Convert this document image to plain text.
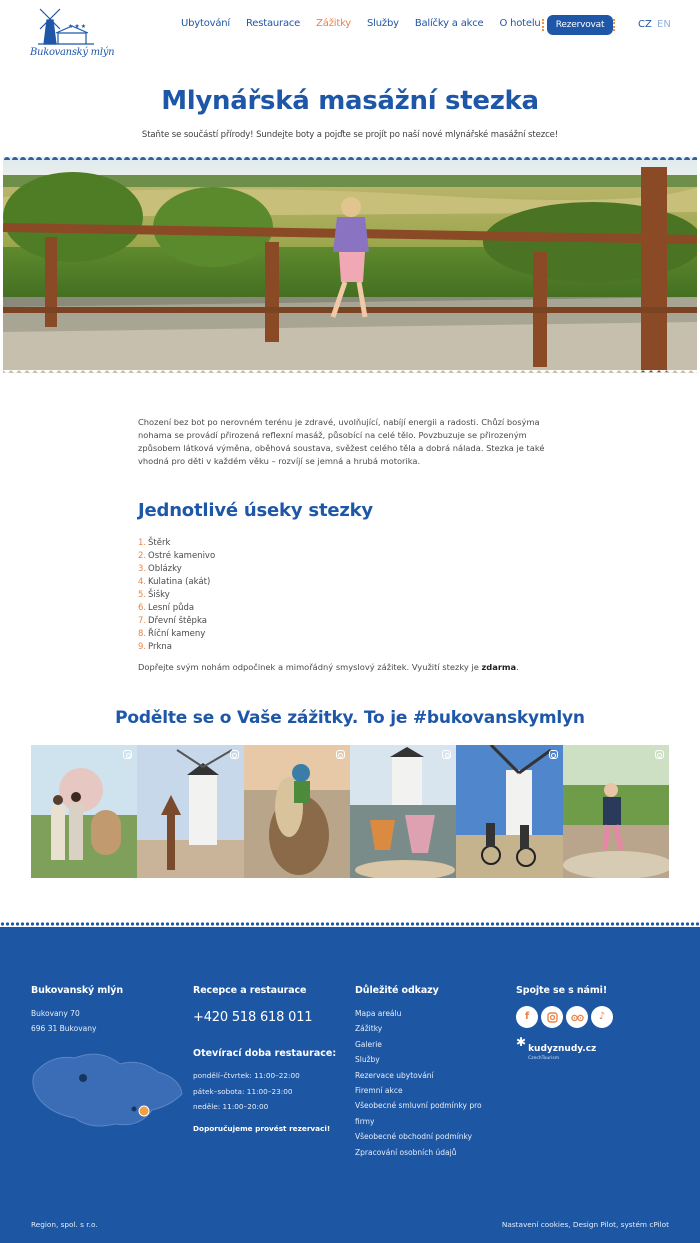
★★★
Bukovanský mlýn
Ubytování Restaurace Zážitky Služby Balíčky a akce O hotelu	Rezervovat	CZ EN
Mlynářská masážní stezka

Staňte se součástí přírody! Sundejte boty a pojďte se projít po naší nové mlynářské masážní stezce!

Chození bez bot po nerovném terénu je zdravé, uvolňující, nabíjí energii a radosti. Chůzí bosýma nohama se provádí přirozená reflexní masáž, působící na celé tělo. Povzbuzuje se přirozeným způsobem látková výměna, oběhová soustava, svěžest celého těla a dobrá nálada. Stezka je také vhodná pro děti v každém věku – rozvíjí se jemná a hrubá motorika.

Jednotlivé úseky stezky
1. Štěrk
2. Ostré kamenivo
3. Oblázky
4. Kulatina (akát)
5. Šišky
6. Lesní půda
7. Dřevní štěpka
8. Říční kameny
9. Prkna

Dopřejte svým nohám odpočinek a mimořádný smyslový zážitek. Využití stezky je zdarma.

Podělte se o Vaše zážitky. To je #bukovanskymlyn
Bukovanský mlýn
Bukovany 70
696 31 Bukovany
Recepce a restaurace
+420 518 618 011
Otevírací doba restaurace:
pondělí–čtvrtek: 11:00–22:00
pátek–sobota: 11:00–23:00
neděle: 11:00–20:00
Doporučujeme provést rezervaci!
Důležité odkazy
Mapa areálu
Zážitky
Galerie
Služby
Rezervace ubytování
Firemní akce
Všeobecné smluvní podmínky pro firmy
Všeobecné obchodní podmínky
Zpracování osobních údajů
Spojte se s námi!
f	♪
✱ kudyznudy.cz
CzechTourism
Region, spol. s r.o.	Nastavení cookies, Design Pilot, systém cPilot
